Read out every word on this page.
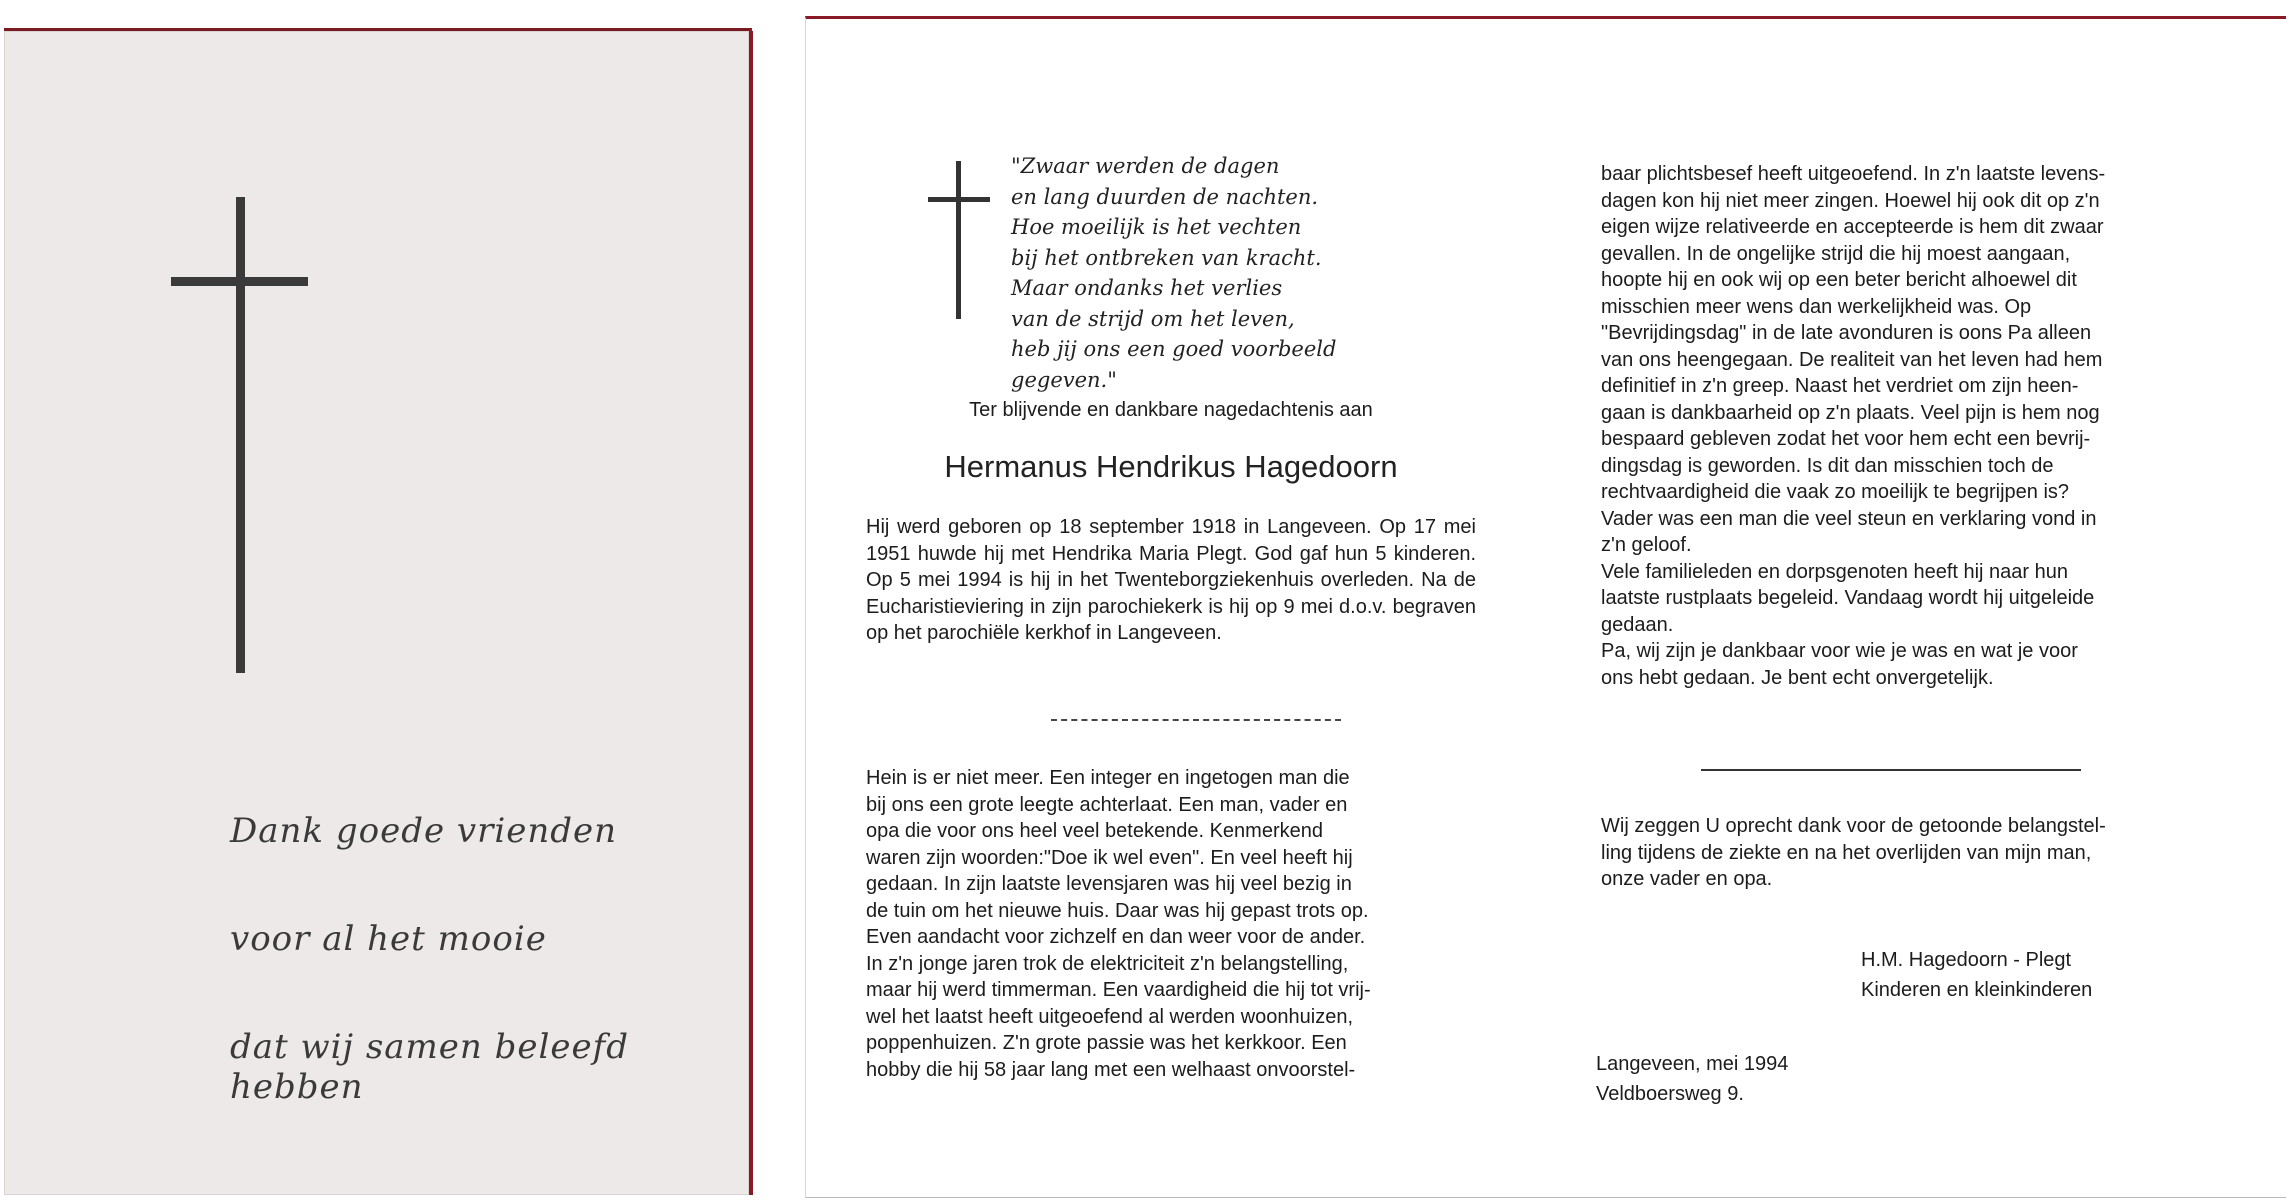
Dank goede vrienden
voor al het mooie
dat wij samen beleefd hebben
"Zwaar werden de dagen
en lang duurden de nachten.
Hoe moeilijk is het vechten
bij het ontbreken van kracht.
Maar ondanks het verlies
van de strijd om het leven,
heb jij ons een goed voorbeeld gegeven."
Ter blijvende en dankbare nagedachtenis aan
Hermanus Hendrikus Hagedoorn
Hij werd geboren op 18 september 1918 in Langeveen. Op 17 mei 1951 huwde hij met Hendrika Maria Plegt. God gaf hun 5 kinderen. Op 5 mei 1994 is hij in het Twenteborgziekenhuis overleden. Na de Eucharistieviering in zijn parochiekerk is hij op 9 mei d.o.v. begraven op het parochiële kerkhof in Langeveen.
Hein is er niet meer. Een integer en ingetogen man die
bij ons een grote leegte achterlaat. Een man, vader en
opa die voor ons heel veel betekende. Kenmerkend
waren zijn woorden:"Doe ik wel even". En veel heeft hij
gedaan. In zijn laatste levensjaren was hij veel bezig in
de tuin om het nieuwe huis. Daar was hij gepast trots op.
Even aandacht voor zichzelf en dan weer voor de ander.
In z'n jonge jaren trok de elektriciteit z'n belangstelling,
maar hij werd timmerman. Een vaardigheid die hij tot vrij-
wel het laatst heeft uitgeoefend al werden woonhuizen,
poppenhuizen. Z'n grote passie was het kerkkoor. Een
hobby die hij 58 jaar lang met een welhaast onvoorstel-
baar plichtsbesef heeft uitgeoefend. In z'n laatste levens-
dagen kon hij niet meer zingen. Hoewel hij ook dit op z'n
eigen wijze relativeerde en accepteerde is hem dit zwaar
gevallen. In de ongelijke strijd die hij moest aangaan,
hoopte hij en ook wij op een beter bericht alhoewel dit
misschien meer wens dan werkelijkheid was. Op
"Bevrijdingsdag" in de late avonduren is oons Pa alleen
van ons heengegaan. De realiteit van het leven had hem
definitief in z'n greep. Naast het verdriet om zijn heen-
gaan is dankbaarheid op z'n plaats. Veel pijn is hem nog
bespaard gebleven zodat het voor hem echt een bevrij-
dingsdag is geworden. Is dit dan misschien toch de
rechtvaardigheid die vaak zo moeilijk te begrijpen is?
Vader was een man die veel steun en verklaring vond in
z'n geloof.
Vele familieleden en dorpsgenoten heeft hij naar hun
laatste rustplaats begeleid. Vandaag wordt hij uitgeleide
gedaan.
Pa, wij zijn je dankbaar voor wie je was en wat je voor
ons hebt gedaan. Je bent echt onvergetelijk.
Wij zeggen U oprecht dank voor de getoonde belangstel-
ling tijdens de ziekte en na het overlijden van mijn man,
onze vader en opa.
H.M. Hagedoorn - Plegt
Kinderen en kleinkinderen
Langeveen, mei 1994
Veldboersweg 9.
